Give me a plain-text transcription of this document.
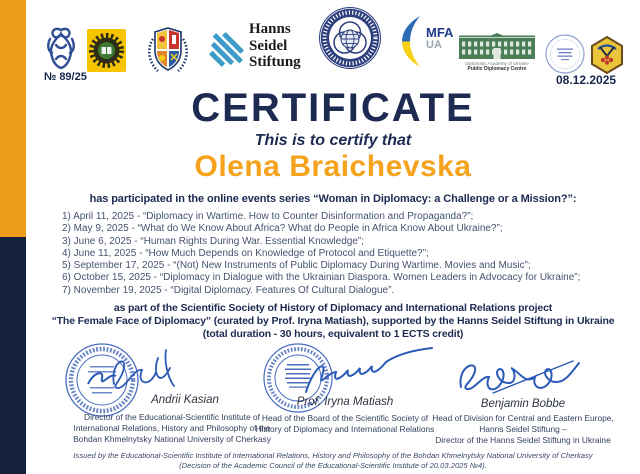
Hanns
Seidel
Stiftung
MFA
UA
Diplomatic Academy of Ukraine
Public Diplomacy Centre
№ 89/25	08.12.2025
CERTIFICATE
This is to certify that
Olena Braichevska
has participated in the online events series “Woman in Diplomacy: a Challenge or a Mission?”:
1) April 11, 2025 - “Diplomacy in Wartime. How to Counter Disinformation and Propaganda?”;
2) May 9, 2025 - “What do We Know About Africa? What do People in Africa Know About Ukraine?”;
3) June 6, 2025 - “Human Rights During War. Essential Knowledge”;
4) June 11, 2025 - “How Much Depends on Knowledge of Protocol and Etiquette?”;
5) September 17, 2025 - “(Not) New Instruments of Public Diplomacy During Wartime. Movies and Music”;
6) October 15, 2025 - “Diplomacy in Dialogue with the Ukrainian Diaspora. Women Leaders in Advocacy for Ukraine”;
7) November 19, 2025 - “Digital Diplomacy. Features Of Cultural Dialogue”.
as part of the Scientific Society of History of Diplomacy and International Relations project
“The Female Face of Diplomacy” (curated by Prof. Iryna Matiash), supported by the Hanns Seidel Stiftung in Ukraine
(total duration - 30 hours, equivalent to 1 ECTS credit)
Andrii Kasian
Director of the Educational-Scientific Institute of
International Relations, History and Philosophy of the
Bohdan Khmelnytsky National University of Cherkasy
Prof. Iryna Matiash
Head of the Board of the Scientific Society of
History of Diplomacy and International Relations
Benjamin Bobbe
Head of Division for Central and Eastern Europe,
Hanns Seidel Stiftung –
Director of the Hanns Seidel Stiftung in Ukraine
Issued by the Educational-Scientific Institute of International Relations, History and Philosophy of the Bohdan Khmelnytsky National University of Cherkasy
(Decision of the Academic Council of the Educational-Scientific Institute of 20.03.2025 №4).
